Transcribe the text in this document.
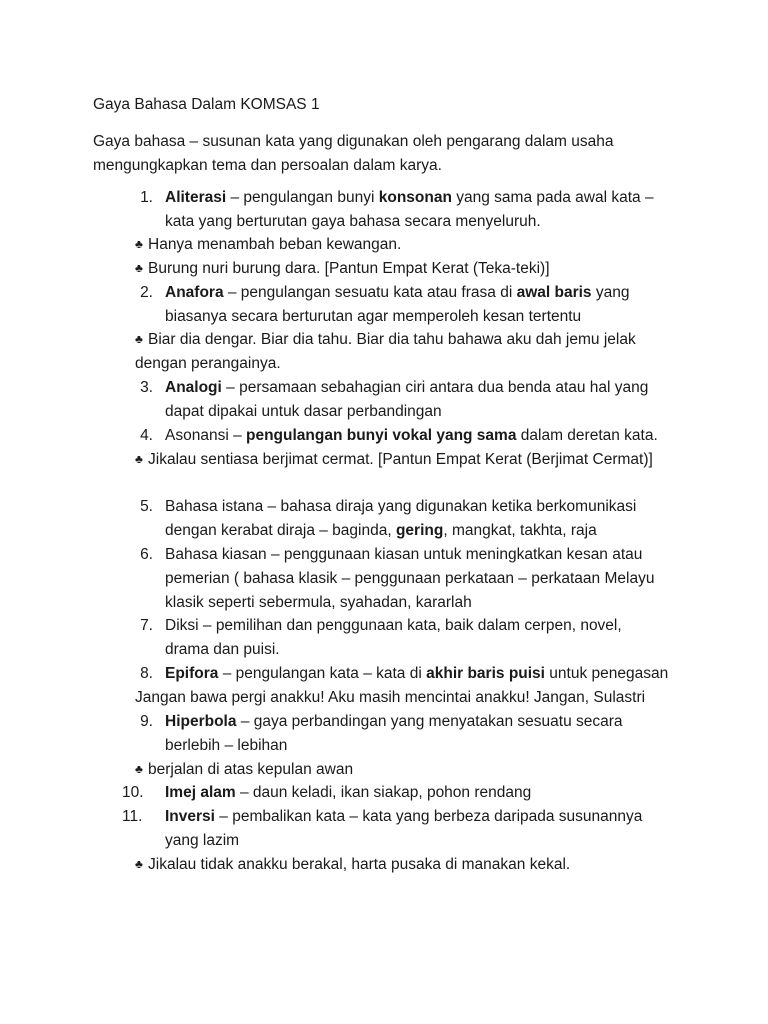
Gaya Bahasa Dalam KOMSAS 1
Gaya bahasa – susunan kata yang digunakan oleh pengarang dalam usaha mengungkapkan tema dan persoalan dalam karya.
1. Aliterasi – pengulangan bunyi konsonan yang sama pada awal kata –
kata yang berturutan gaya bahasa secara menyeluruh.
♣ Hanya menambah beban kewangan.
♣ Burung nuri burung dara. [Pantun Empat Kerat (Teka-teki)]
2. Anafora – pengulangan sesuatu kata atau frasa di awal baris yang
biasanya secara berturutan agar memperoleh kesan tertentu
♣ Biar dia dengar. Biar dia tahu. Biar dia tahu bahawa aku dah jemu jelak dengan perangainya.
3. Analogi – persamaan sebahagian ciri antara dua benda atau hal yang
dapat dipakai untuk dasar perbandingan
4. Asonansi – pengulangan bunyi vokal yang sama dalam deretan kata.
♣ Jikalau sentiasa berjimat cermat. [Pantun Empat Kerat (Berjimat Cermat)]
5. Bahasa istana – bahasa diraja yang digunakan ketika berkomunikasi
dengan kerabat diraja – baginda, gering, mangkat, takhta, raja
6. Bahasa kiasan – penggunaan kiasan untuk meningkatkan kesan atau
pemerian ( bahasa klasik – penggunaan perkataan – perkataan Melayu
klasik seperti sebermula, syahadan, kararlah
7. Diksi – pemilihan dan penggunaan kata, baik dalam cerpen, novel,
drama dan puisi.
8. Epifora – pengulangan kata – kata di akhir baris puisi untuk penegasan
Jangan bawa pergi anakku! Aku masih mencintai anakku! Jangan, Sulastri
9. Hiperbola – gaya perbandingan yang menyatakan sesuatu secara
berlebih – lebihan
♣ berjalan di atas kepulan awan
10.	Imej alam – daun keladi, ikan siakap, pohon rendang
11.	Inversi – pembalikan kata – kata yang berbeza daripada susunannya
yang lazim
♣ Jikalau tidak anakku berakal, harta pusaka di manakan kekal.
